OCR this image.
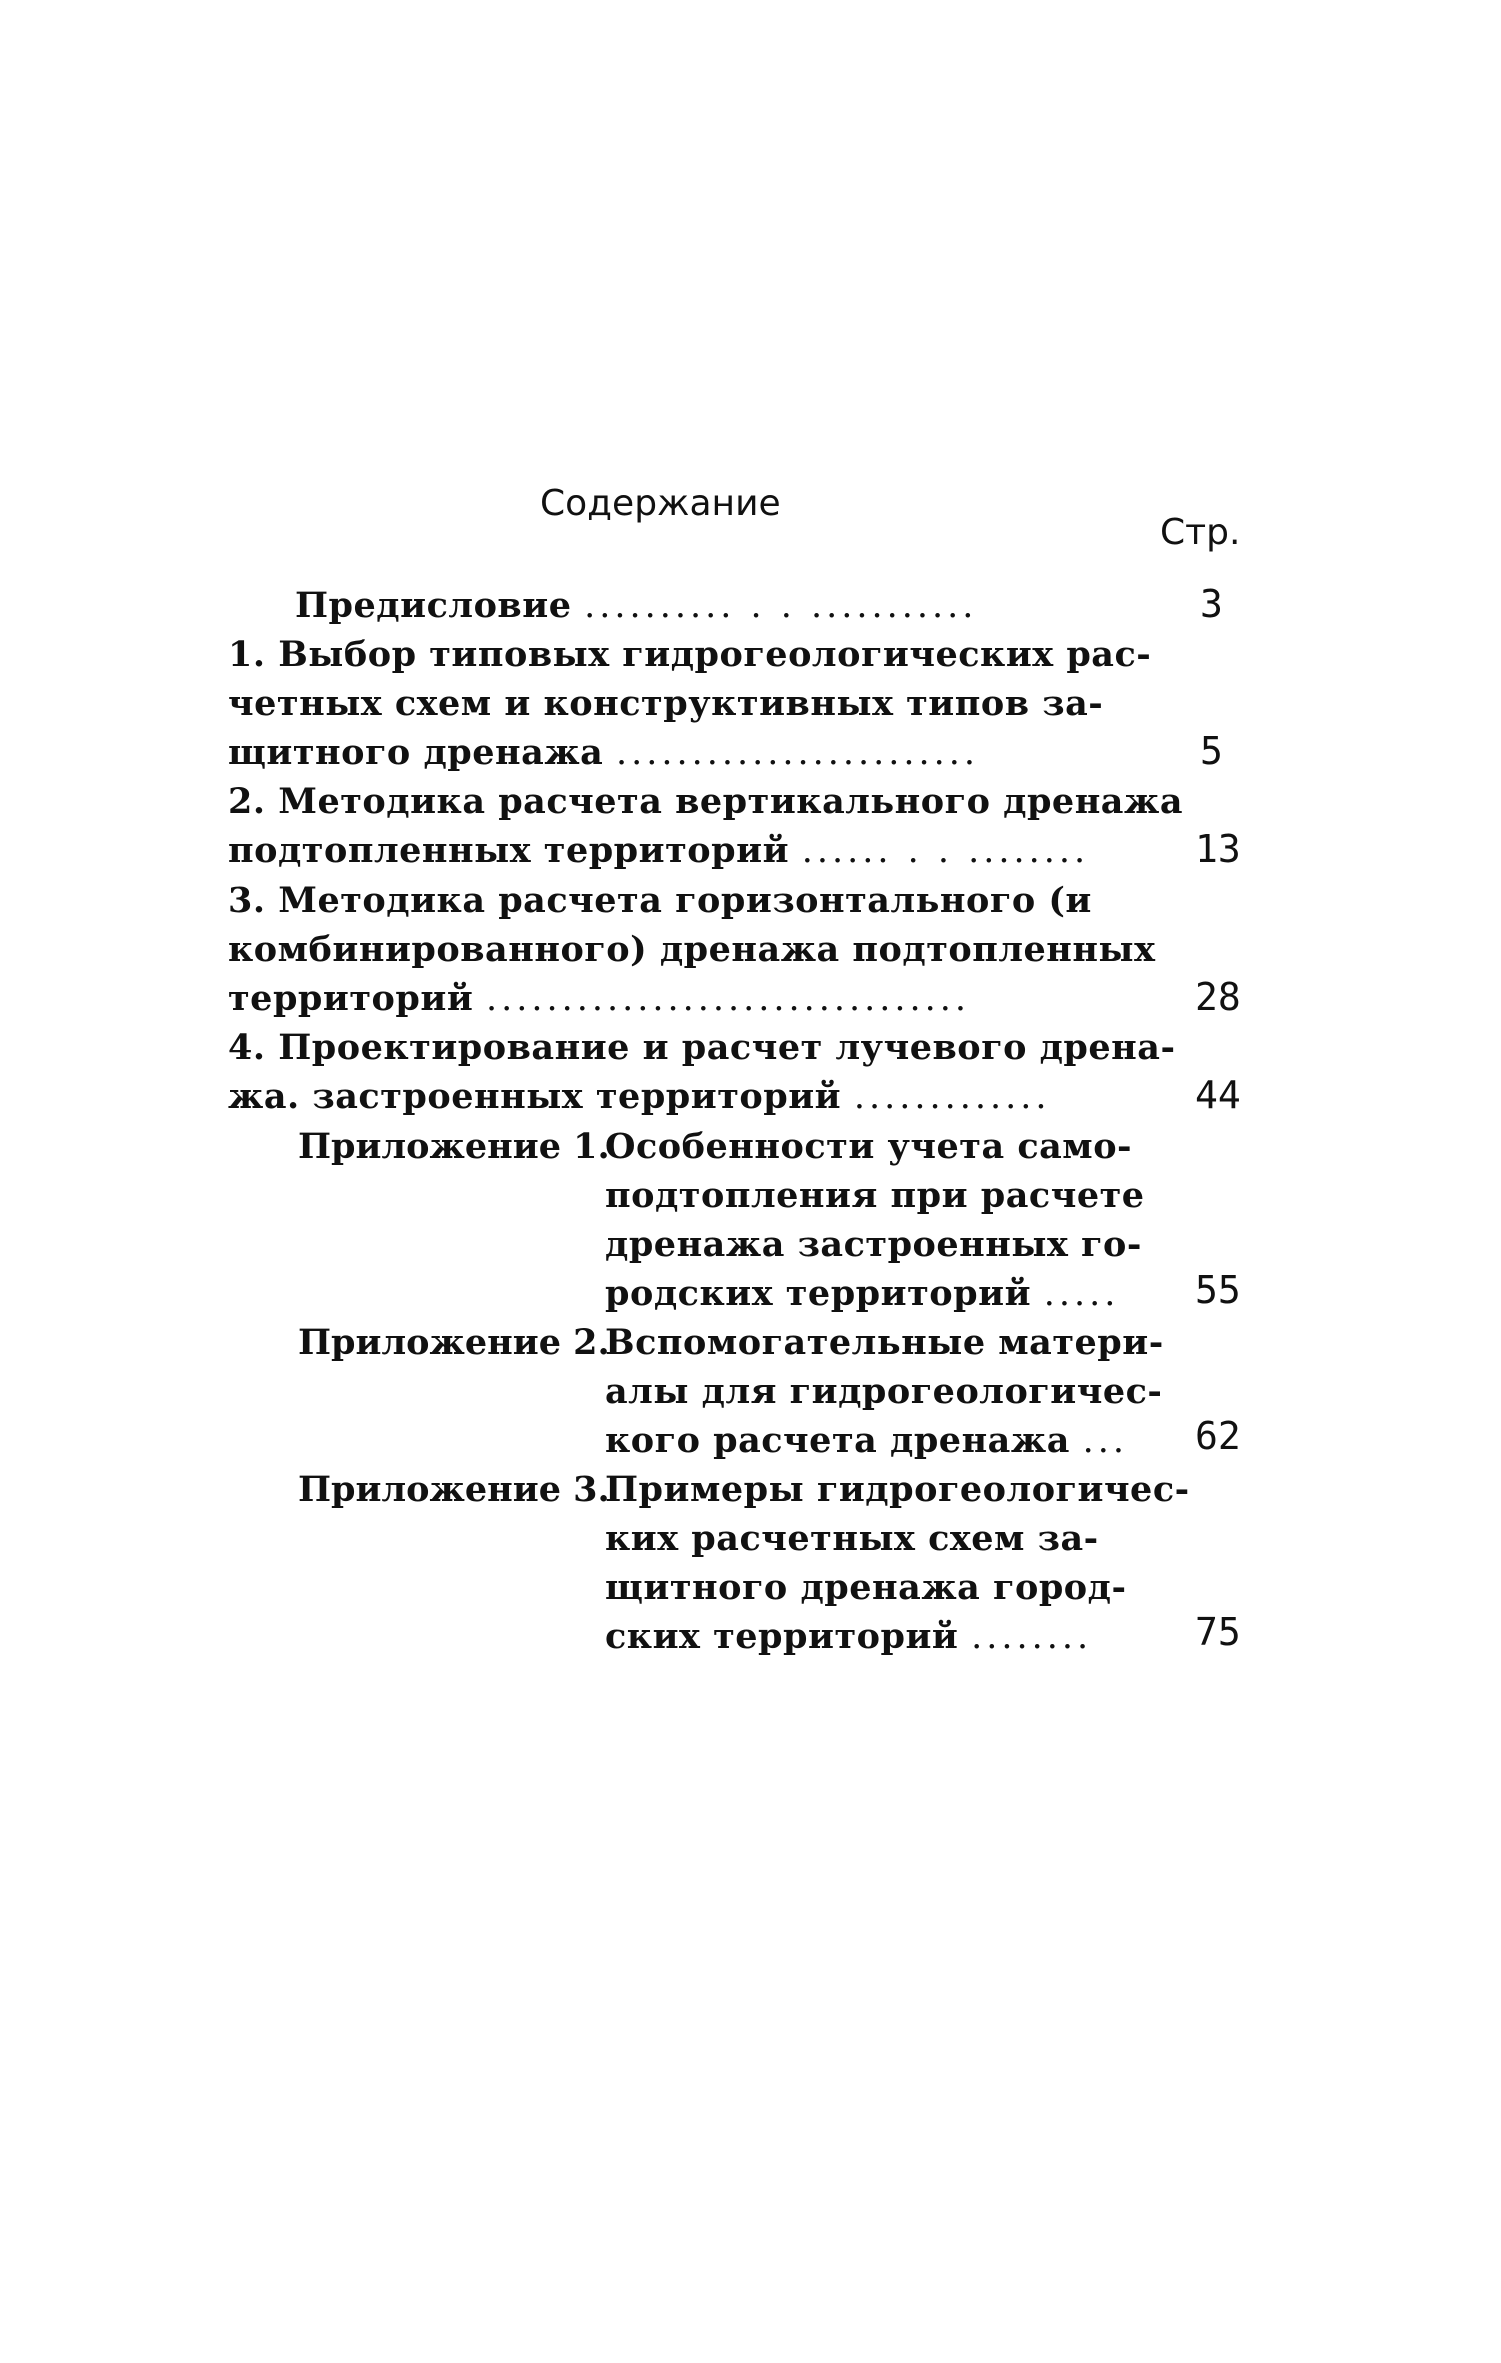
Содержание
Стр.
Предисловие .......... . . ...........	3
1. Выбор типовых гидрогеологических рас-
четных схем и конструктивных типов за-
щитного дренажа ........................	5
2. Методика расчета вертикального дренажа
подтопленных территорий ...... . . ........	13
3. Методика расчета горизонтального (и
комбинированного) дренажа подтопленных
территорий ................................	28
4. Проектирование и расчет лучевого дрена-
жа. застроенных территорий .............	44
Приложение 1.
Особенности учета само-
подтопления при расчете
дренажа застроенных го-
родских территорий ..... 55
Приложение 2.
Вспомогательные матери-
алы для гидрогеологичес-
кого расчета дренажа ... 62
Приложение 3.
Примеры гидрогеологичес-
ких расчетных схем за-
щитного дренажа город-
ских территорий ........	75
